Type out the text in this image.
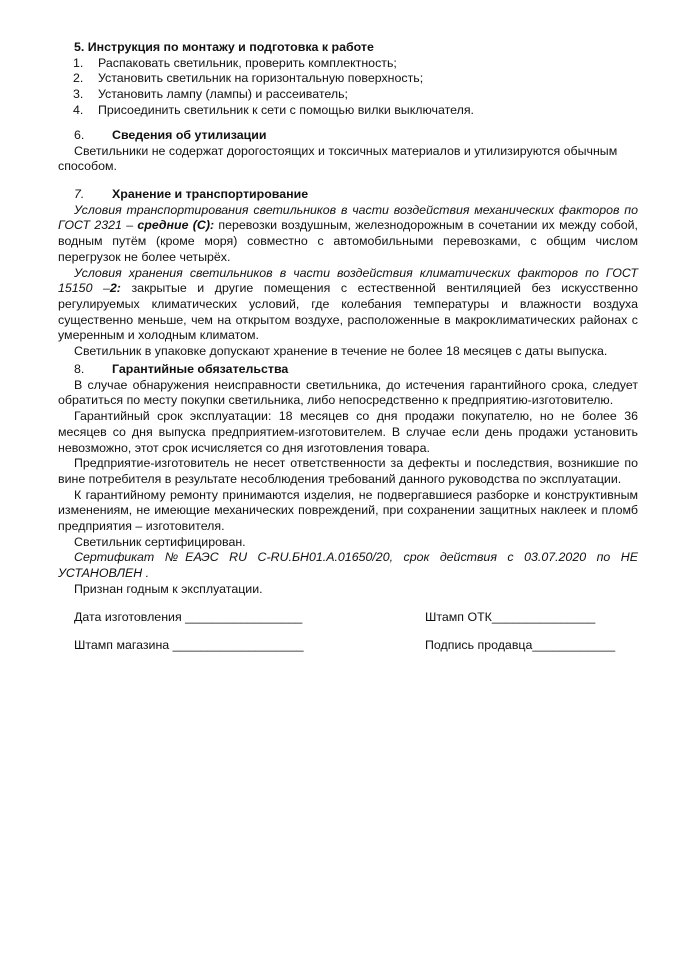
5. Инструкция по монтажу и подготовка к работе

1.	Распаковать светильник, проверить комплектность;
2.	Установить светильник на горизонтальную поверхность;
3.	Установить лампу (лампы) и рассеиватель;
4.	Присоединить светильник к сети с помощью вилки выключателя.

6. Сведения об утилизации

Светильники не содержат дорогостоящих и токсичных материалов и утилизируются обычным способом.

7. Хранение и транспортирование

Условия транспортирования светильников в части воздействия механических факторов по ГОСТ 2321 – средние (С): перевозки воздушным, железнодорожным в сочетании их между собой, водным путём (кроме моря) совместно с автомобильными перевозками, с общим числом перегрузок не более четырёх.

Условия хранения светильников в части воздействия климатических факторов по ГОСТ 15150 –2: закрытые и другие помещения с естественной вентиляцией без искусственно регулируемых климатических условий, где колебания температуры и влажности воздуха существенно меньше, чем на открытом воздухе, расположенные в макроклиматических районах с умеренным и холодным климатом.

Светильник в упаковке допускают хранение в течение не более 18 месяцев с даты выпуска.

8. Гарантийные обязательства

В случае обнаружения неисправности светильника, до истечения гарантийного срока, следует обратиться по месту покупки светильника, либо непосредственно к предприятию-изготовителю.

Гарантийный срок эксплуатации: 18 месяцев со дня продажи покупателю, но не более 36 месяцев со дня выпуска предприятием-изготовителем. В случае если день продажи установить невозможно, этот срок исчисляется со дня изготовления товара.

Предприятие-изготовитель не несет ответственности за дефекты и последствия, возникшие по вине потребителя в результате несоблюдения требований данного руководства по эксплуатации.

К гарантийному ремонту принимаются изделия, не подвергавшиеся разборке и конструктивным изменениям, не имеющие механических повреждений, при сохранении защитных наклеек и пломб предприятия – изготовителя.

Светильник сертифицирован.

Сертификат №ЕАЭС RU C-RU.БН01.А.01650/20, срок действия с 03.07.2020 по НЕ УСТАНОВЛЕН .

Признан годным к эксплуатации.

Дата изготовления _________________	Штамп ОТК_______________
Штамп магазина ___________________	Подпись продавца____________
